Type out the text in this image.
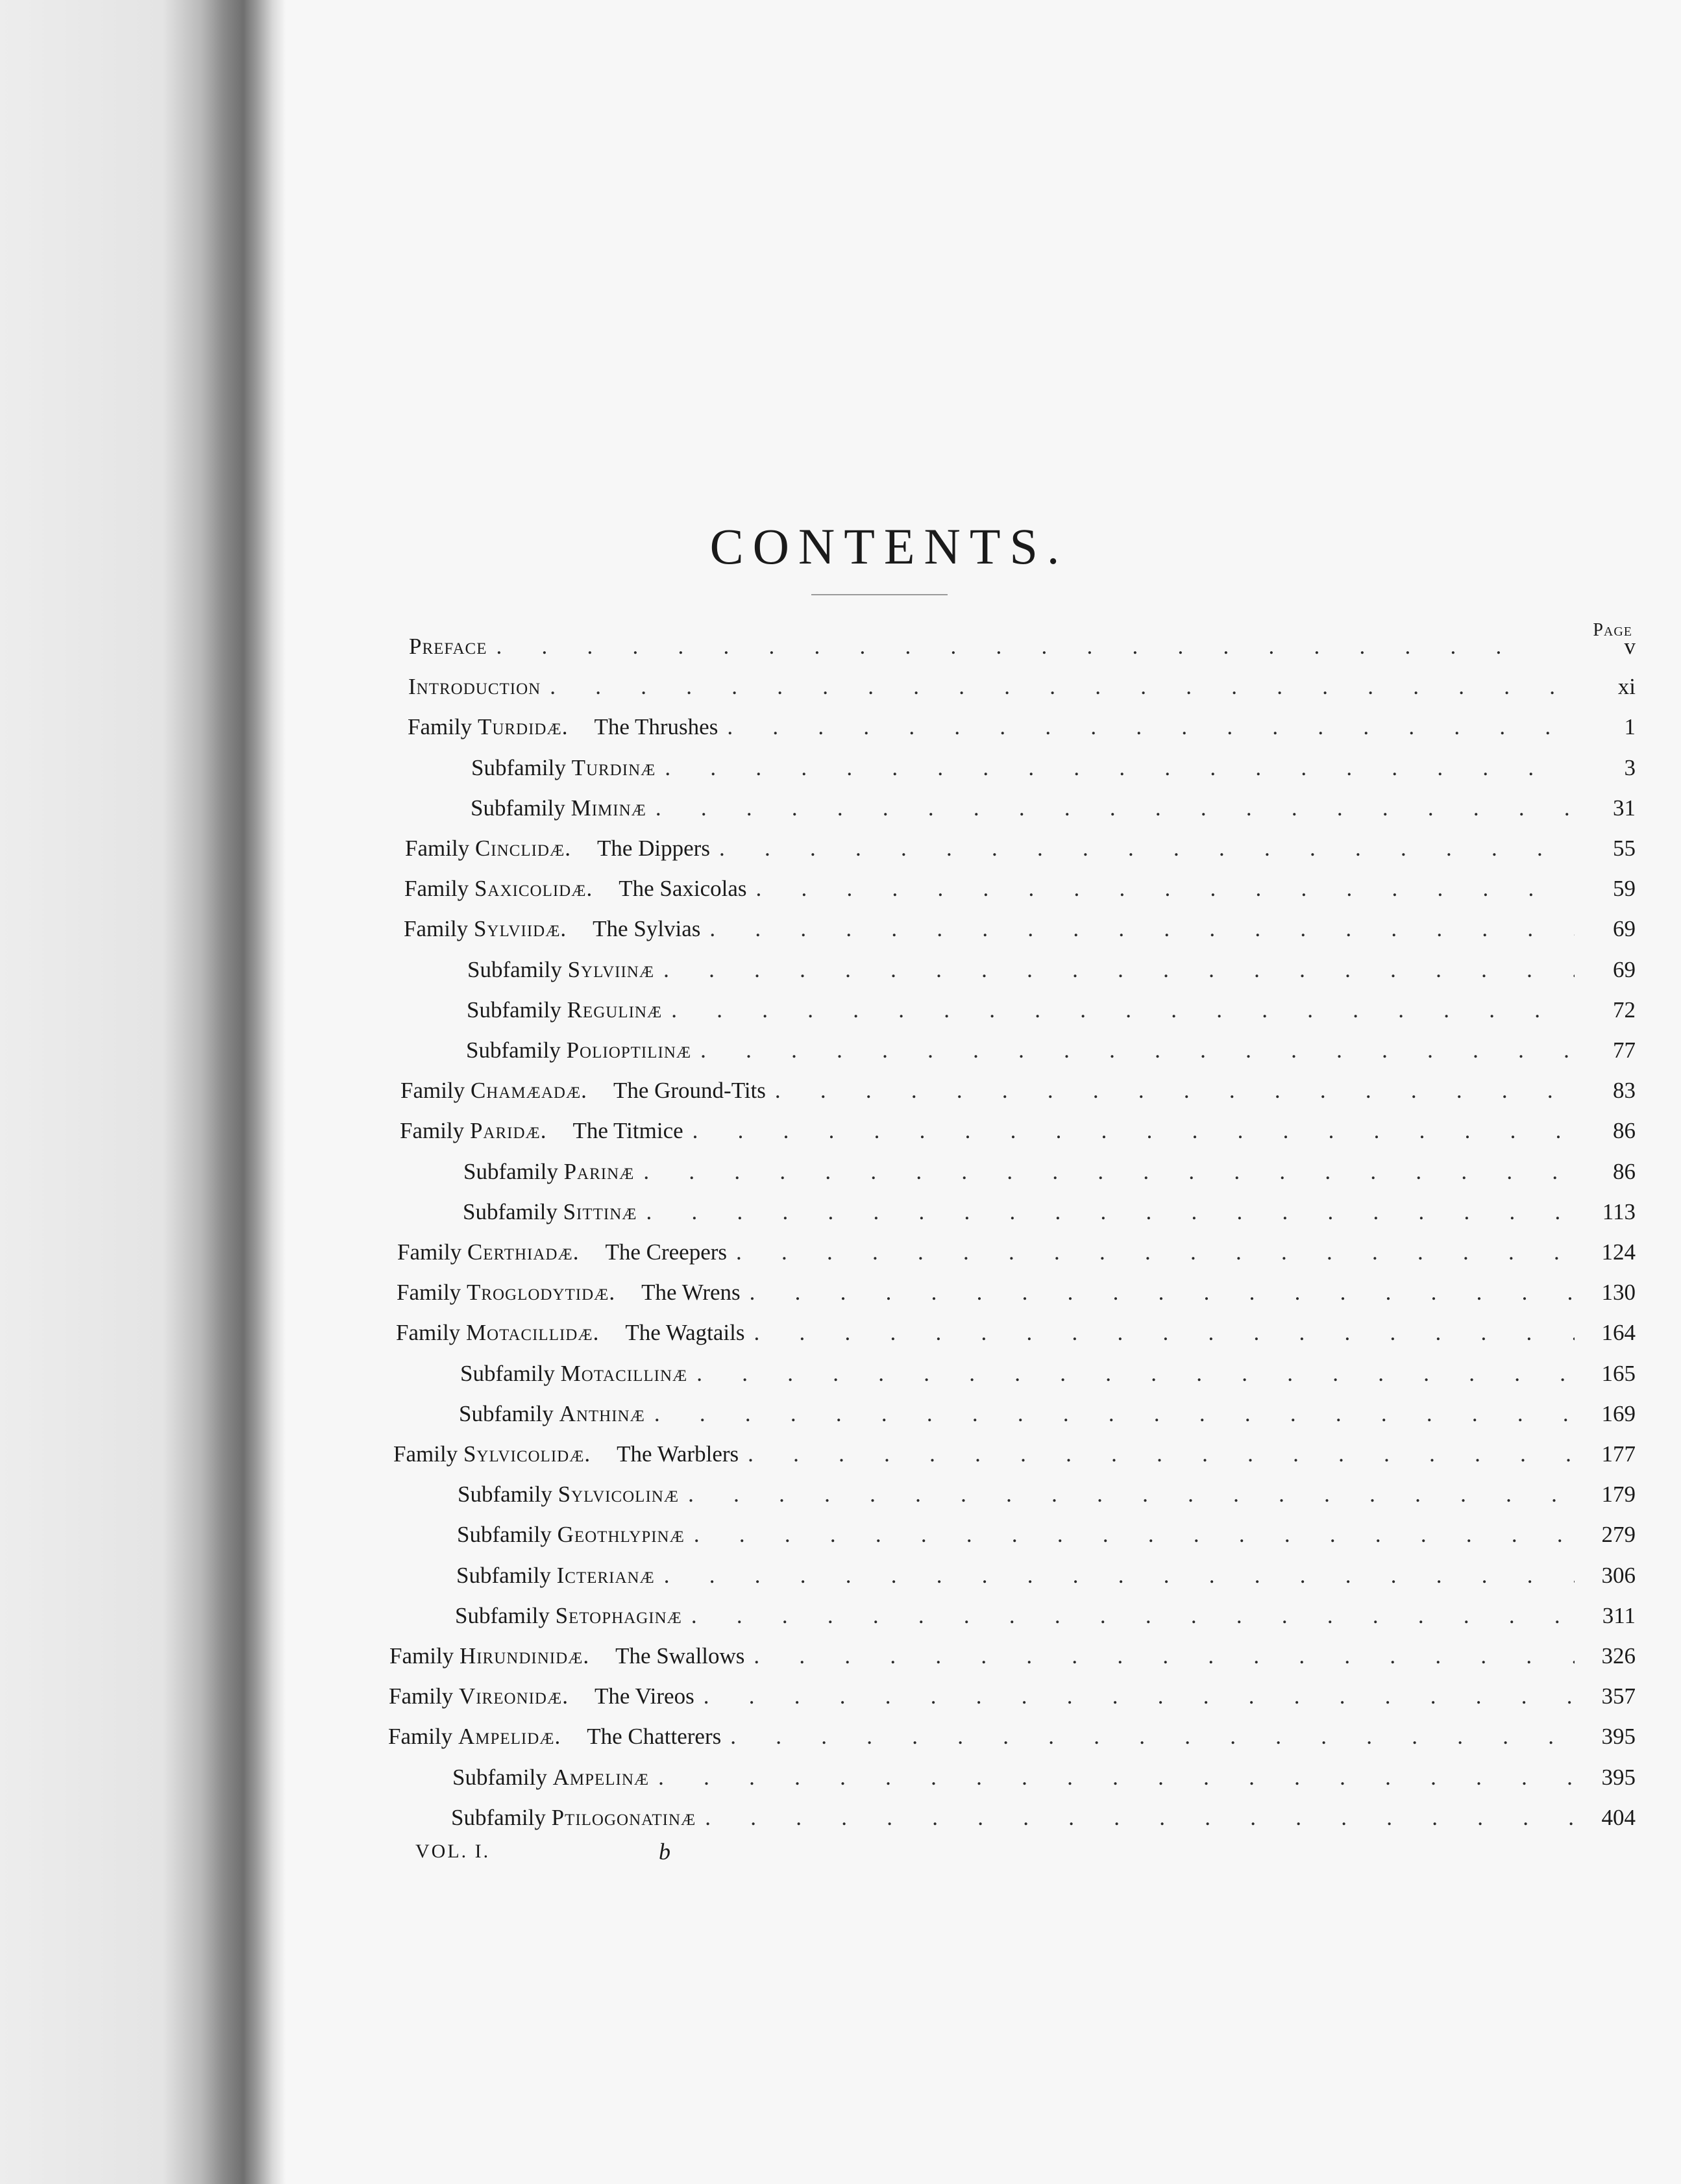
CONTENTS.
Page
Preface .	v
Introduction .	xi
Family Turdidæ. The Thrushes .	1
Subfamily Turdinæ .	3
Subfamily Miminæ .	31
Family Cinclidæ. The Dippers .	55
Family Saxicolidæ. The Saxicolas .	59
Family Sylviidæ. The Sylvias .	69
Subfamily Sylviinæ .	69
Subfamily Regulinæ .	72
Subfamily Polioptilinæ .	77
Family Chamæadæ. The Ground-Tits .	83
Family Paridæ. The Titmice .	86
Subfamily Parinæ .	86
Subfamily Sittinæ .	113
Family Certhiadæ. The Creepers .	124
Family Troglodytidæ. The Wrens .	130
Family Motacillidæ. The Wagtails .	164
Subfamily Motacillinæ .	165
Subfamily Anthinæ .	169
Family Sylvicolidæ. The Warblers .	177
Subfamily Sylvicolinæ .	179
Subfamily Geothlypinæ .	279
Subfamily Icterianæ .	306
Subfamily Setophaginæ .	311
Family Hirundinidæ. The Swallows .	326
Family Vireonidæ. The Vireos .	357
Family Ampelidæ. The Chatterers .	395
Subfamily Ampelinæ .	395
Subfamily Ptilogonatinæ .	404
VOL. I.	b
